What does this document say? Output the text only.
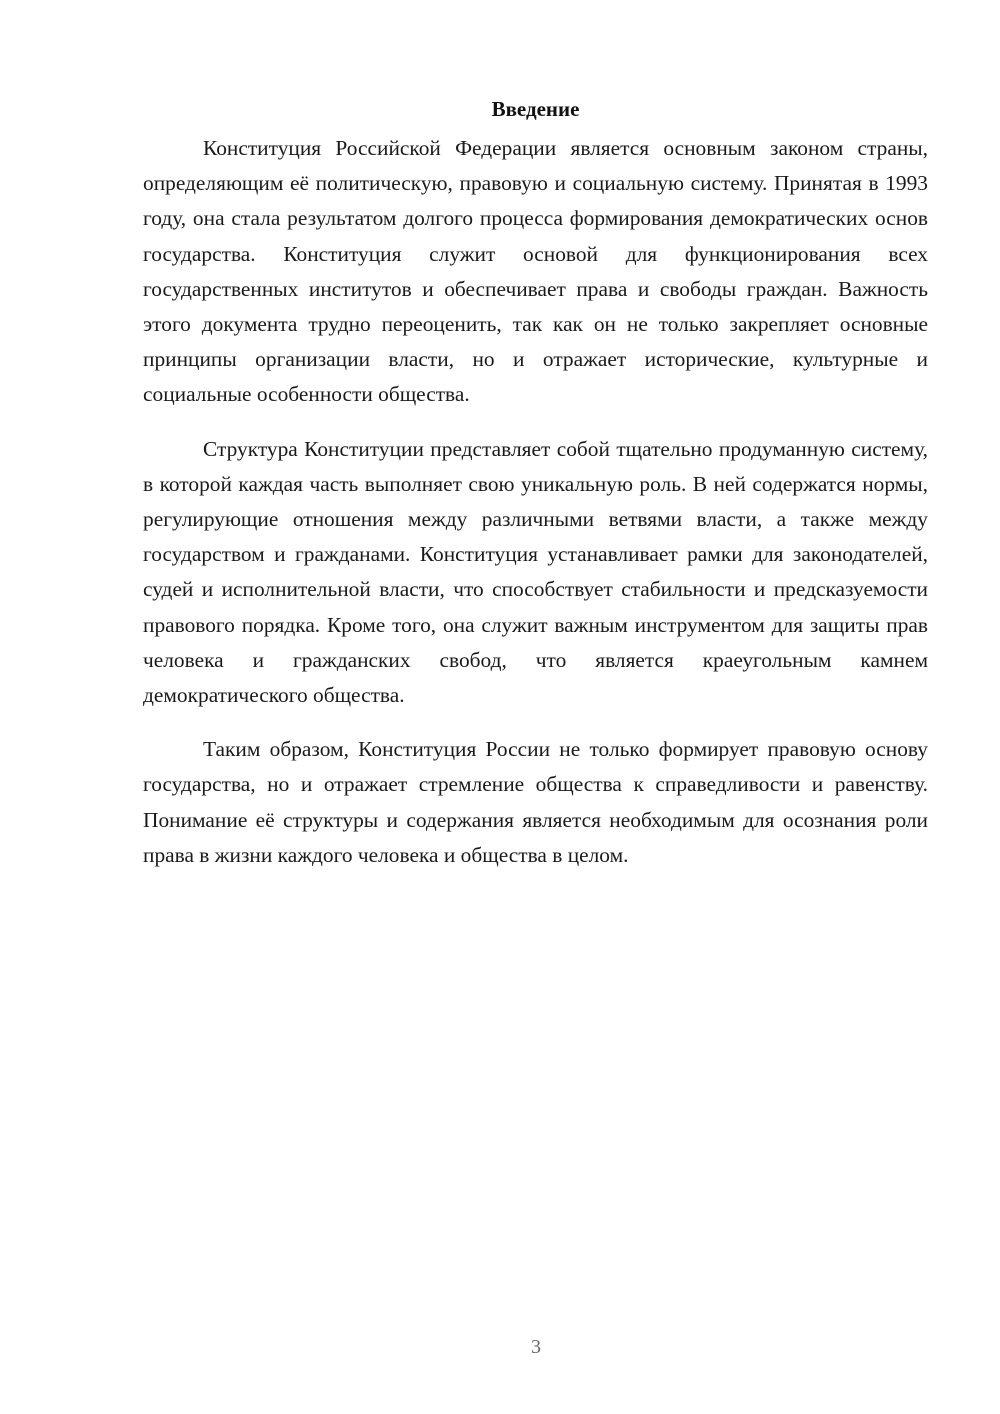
Введение

Конституция Российской Федерации является основным законом страны, определяющим её политическую, правовую и социальную систему. Принятая в 1993 году, она стала результатом долгого процесса формирования демократических основ государства. Конституция служит основой для функционирования всех государственных институтов и обеспечивает права и свободы граждан. Важность этого документа трудно переоценить, так как он не только закрепляет основные принципы организации власти, но и отражает исторические, культурные и социальные особенности общества.

Структура Конституции представляет собой тщательно продуманную систему, в которой каждая часть выполняет свою уникальную роль. В ней содержатся нормы, регулирующие отношения между различными ветвями власти, а также между государством и гражданами. Конституция устанавливает рамки для законодателей, судей и исполнительной власти, что способствует стабильности и предсказуемости правового порядка. Кроме того, она служит важным инструментом для защиты прав человека и гражданских свобод, что является краеугольным камнем демократического общества.

Таким образом, Конституция России не только формирует правовую основу государства, но и отражает стремление общества к справедливости и равенству. Понимание её структуры и содержания является необходимым для осознания роли права в жизни каждого человека и общества в целом.

3
